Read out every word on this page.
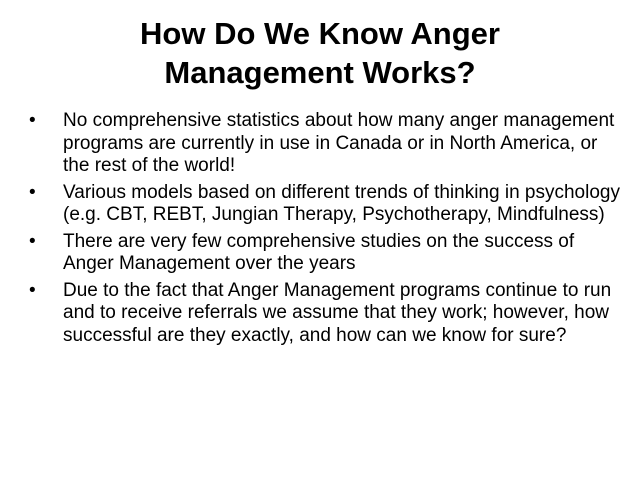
How Do We Know Anger
Management Works?
• No comprehensive statistics about how many anger management programs are currently in use in Canada or in North America, or the rest of the world!
• Various models based on different trends of thinking in psychology (e.g. CBT, REBT, Jungian Therapy, Psychotherapy, Mindfulness)
• There are very few comprehensive studies on the success of Anger Management over the years
• Due to the fact that Anger Management programs continue to run and to receive referrals we assume that they work; however, how successful are they exactly, and how can we know for sure?
